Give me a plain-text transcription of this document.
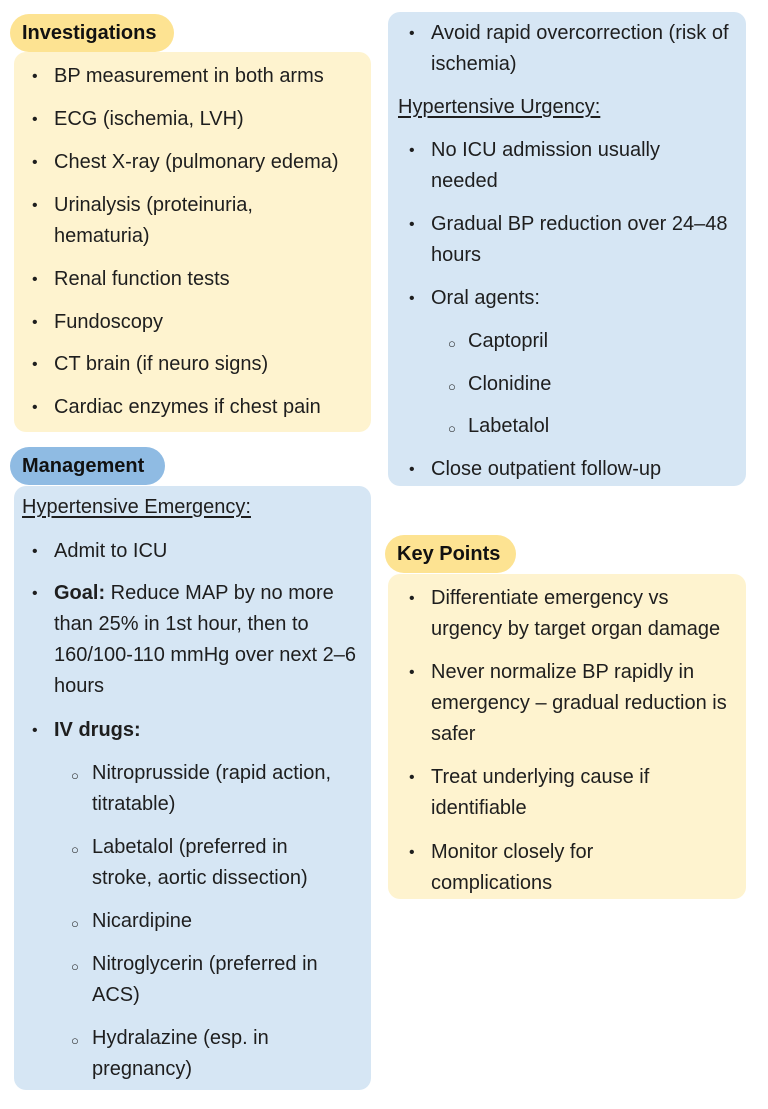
Investigations
• BP measurement in both arms
• ECG (ischemia, LVH)
• Chest X-ray (pulmonary edema)
• Urinalysis (proteinuria, hematuria)
• Renal function tests
• Fundoscopy
• CT brain (if neuro signs)
• Cardiac enzymes if chest pain
Management
Hypertensive Emergency:
• Admit to ICU
• Goal: Reduce MAP by no more than 25% in 1st hour, then to 160/100-110 mmHg over next 2–6 hours
• IV drugs:
○ Nitroprusside (rapid action, titratable)
○ Labetalol (preferred in stroke, aortic dissection)
○ Nicardipine
○ Nitroglycerin (preferred in ACS)
○ Hydralazine (esp. in pregnancy)
• Avoid rapid overcorrection (risk of ischemia)
Hypertensive Urgency:
• No ICU admission usually needed
• Gradual BP reduction over 24–48 hours
• Oral agents:
○ Captopril
○ Clonidine
○ Labetalol
• Close outpatient follow-up
Key Points
• Differentiate emergency vs urgency by target organ damage
• Never normalize BP rapidly in emergency – gradual reduction is safer
• Treat underlying cause if identifiable
• Monitor closely for complications
